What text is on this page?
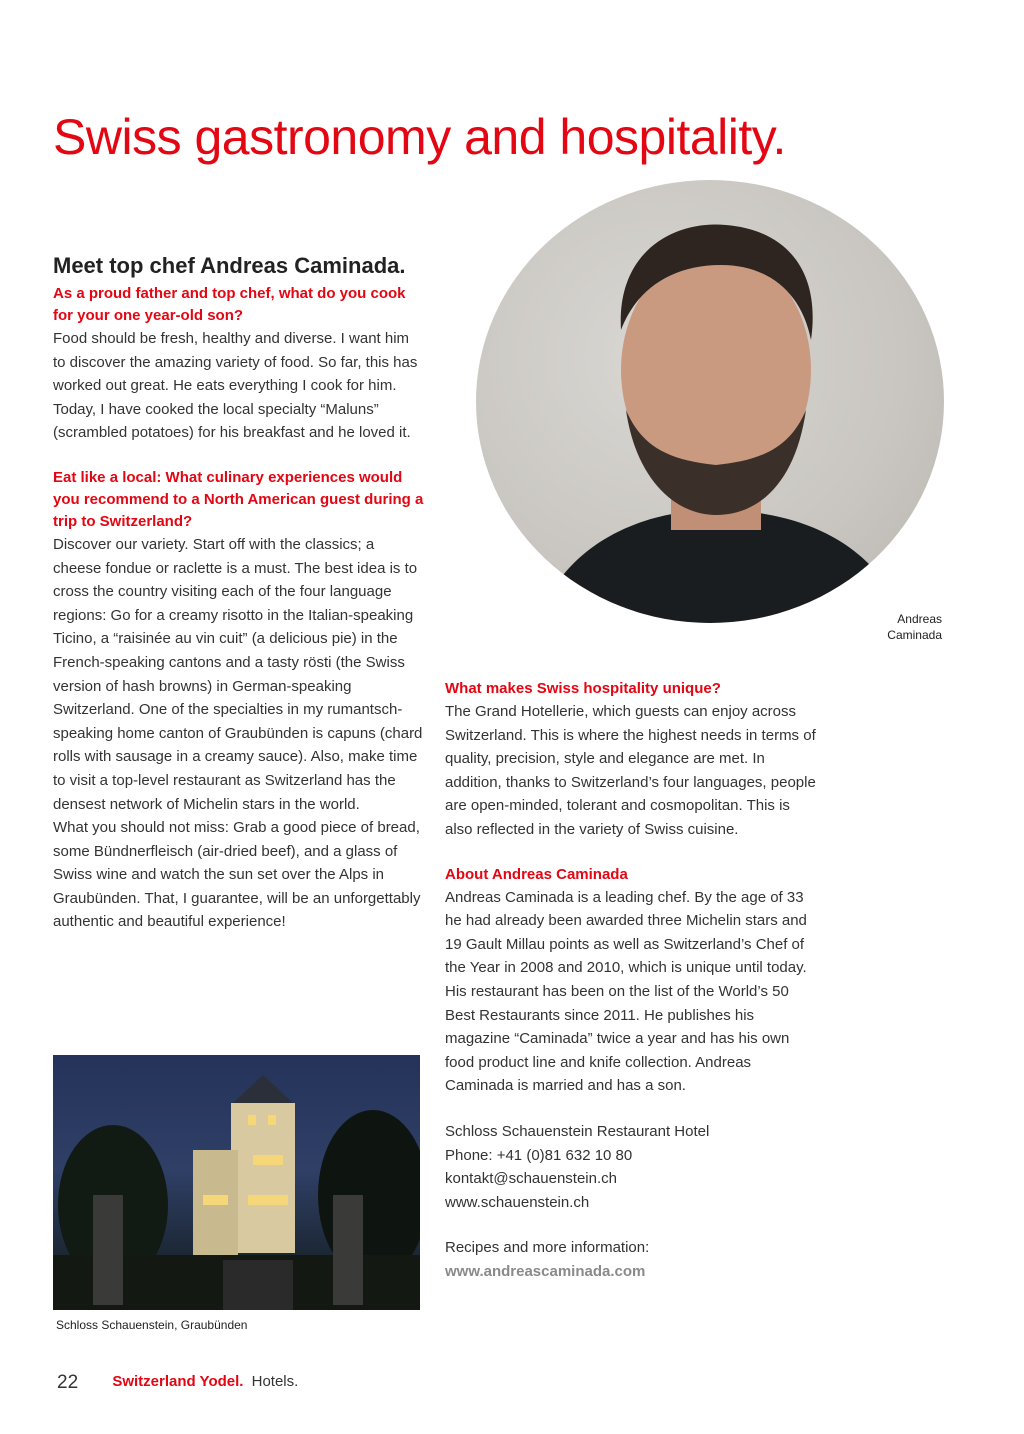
Swiss gastronomy and hospitality.

Meet top chef Andreas Caminada.

As a proud father and top chef, what do you cook for your one year-old son?

Food should be fresh, healthy and diverse. I want him to discover the amazing variety of food. So far, this has worked out great. He eats everything I cook for him. Today, I have cooked the local specialty “Maluns” (scrambled potatoes) for his breakfast and he loved it.

Eat like a local: What culinary experiences would you recommend to a North American guest during a trip to Switzerland?

Discover our variety. Start off with the classics; a cheese fondue or raclette is a must. The best idea is to cross the country visiting each of the four language regions: Go for a creamy risotto in the Italian-speaking Ticino, a “raisinée au vin cuit” (a delicious pie) in the French-speaking cantons and a tasty rösti (the Swiss version of hash browns) in German-speaking Switzerland. One of the specialties in my rumantsch-speaking home canton of Graubünden is capuns (chard rolls with sausage in a creamy sauce). Also, make time to visit a top-level restaurant as Switzerland has the densest network of Michelin stars in the world.

What you should not miss: Grab a good piece of bread, some Bündnerfleisch (air-dried beef), and a glass of Swiss wine and watch the sun set over the Alps in Graubünden. That, I guarantee, will be an unforgettably authentic and beautiful experience!

Andreas Caminada

What makes Swiss hospitality unique?

The Grand Hotellerie, which guests can enjoy across Switzerland. This is where the highest needs in terms of quality, precision, style and elegance are met. In addition, thanks to Switzerland’s four languages, people are open-minded, tolerant and cosmopolitan. This is also reflected in the variety of Swiss cuisine.

About Andreas Caminada

Andreas Caminada is a leading chef. By the age of 33 he had already been awarded three Michelin stars and 19 Gault Millau points as well as Switzerland’s Chef of the Year in 2008 and 2010, which is unique until today. His restaurant has been on the list of the World’s 50 Best Restaurants since 2011. He publishes his magazine “Caminada” twice a year and has his own food product line and knife collection. Andreas Caminada is married and has a son.

Schloss Schauenstein Restaurant Hotel

Phone: +41 (0)81 632 10 80

kontakt@schauenstein.ch

www.schauenstein.ch

Recipes and more information:

www.andreascaminada.com

Schloss Schauenstein, Graubünden
22 Switzerland Yodel. Hotels.
